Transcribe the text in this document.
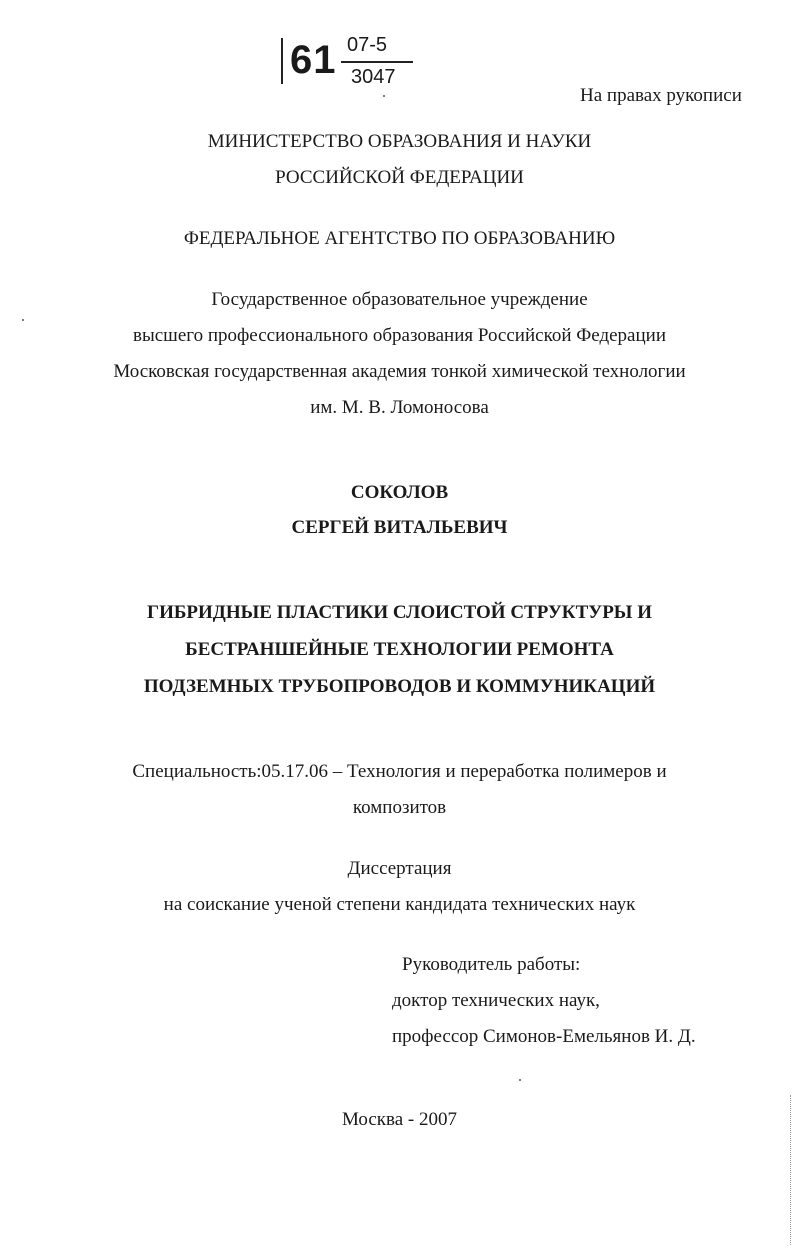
61 07-5
3047
На правах рукописи
МИНИСТЕРСТВО ОБРАЗОВАНИЯ И НАУКИ
РОССИЙСКОЙ ФЕДЕРАЦИИ
ФЕДЕРАЛЬНОЕ АГЕНТСТВО ПО ОБРАЗОВАНИЮ
Государственное образовательное учреждение
высшего профессионального образования Российской Федерации
Московская государственная академия тонкой химической технологии
им. М. В. Ломоносова
СОКОЛОВ
СЕРГЕЙ ВИТАЛЬЕВИЧ
ГИБРИДНЫЕ ПЛАСТИКИ СЛОИСТОЙ СТРУКТУРЫ И
БЕСТРАНШЕЙНЫЕ ТЕХНОЛОГИИ РЕМОНТА
ПОДЗЕМНЫХ ТРУБОПРОВОДОВ И КОММУНИКАЦИЙ
Специальность:05.17.06 – Технология и переработка полимеров и
композитов
Диссертация
на соискание ученой степени кандидата технических наук
Руководитель работы:
доктор технических наук,
профессор Симонов-Емельянов И. Д.
Москва - 2007
